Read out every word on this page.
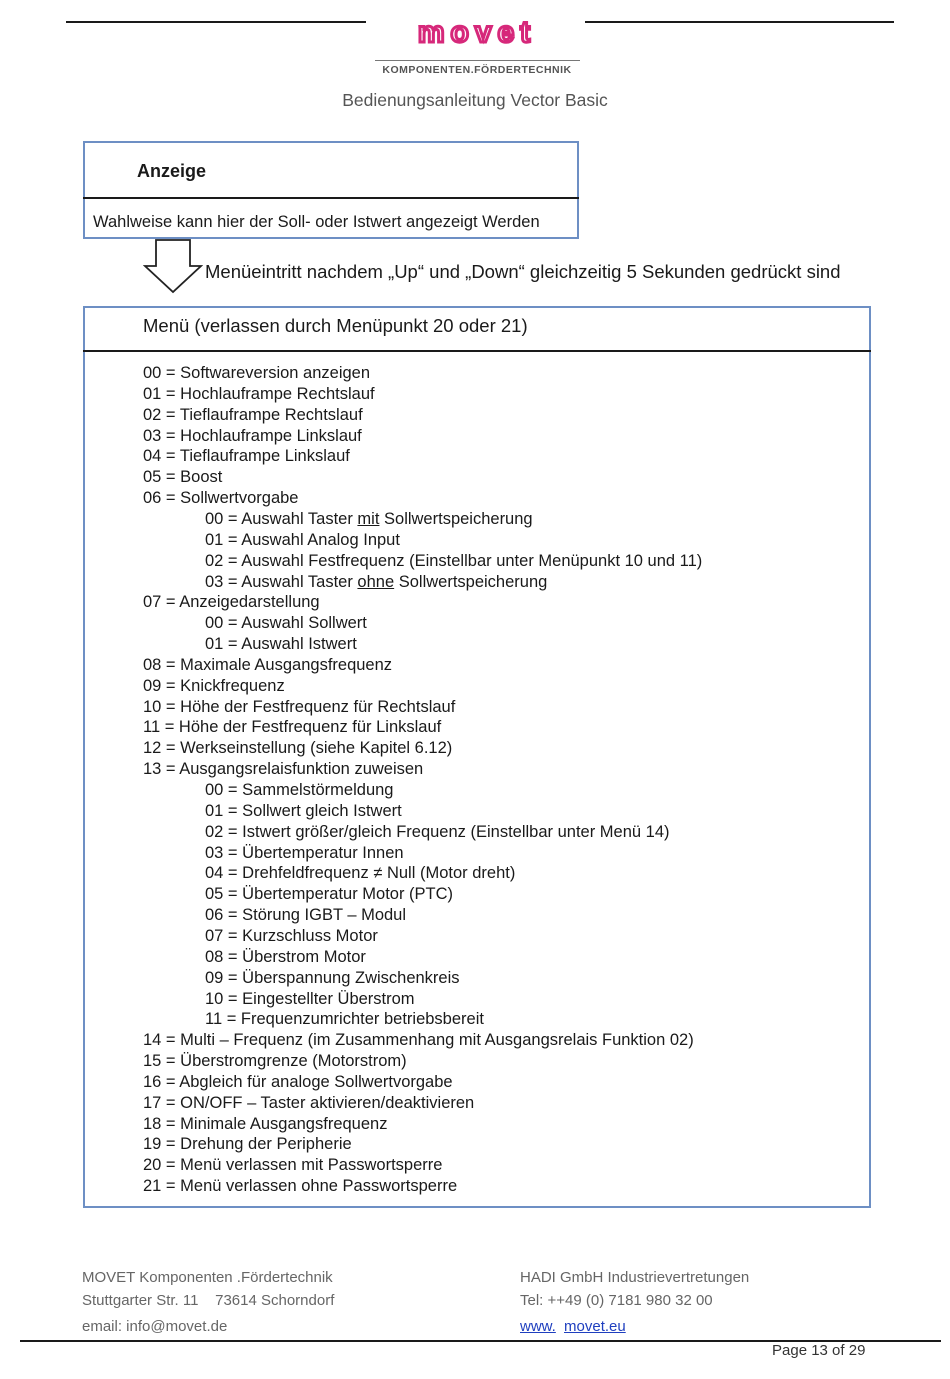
movet
KOMPONENTEN.FÖRDERTECHNIK
Bedienungsanleitung Vector Basic
Anzeige
Wahlweise kann hier der Soll- oder Istwert angezeigt Werden
Menüeintritt nachdem „Up“ und „Down“ gleichzeitig 5 Sekunden gedrückt sind
Menü (verlassen durch Menüpunkt 20 oder 21)
00 = Softwareversion anzeigen
01 = Hochlauframpe Rechtslauf
02 = Tieflauframpe Rechtslauf
03 = Hochlauframpe Linkslauf
04 = Tieflauframpe Linkslauf
05 = Boost
06 = Sollwertvorgabe
00 = Auswahl Taster mit Sollwertspeicherung
01 = Auswahl Analog Input
02 = Auswahl Festfrequenz (Einstellbar unter Menüpunkt 10 und 11)
03 = Auswahl Taster ohne Sollwertspeicherung
07 = Anzeigedarstellung
00 = Auswahl Sollwert
01 = Auswahl Istwert
08 = Maximale Ausgangsfrequenz
09 = Knickfrequenz
10 = Höhe der Festfrequenz für Rechtslauf
11 = Höhe der Festfrequenz für Linkslauf
12 = Werkseinstellung (siehe Kapitel 6.12)
13 = Ausgangsrelaisfunktion zuweisen
00 = Sammelstörmeldung
01 = Sollwert gleich Istwert
02 = Istwert größer/gleich Frequenz (Einstellbar unter Menü 14)
03 = Übertemperatur Innen
04 = Drehfeldfrequenz ≠ Null (Motor dreht)
05 = Übertemperatur Motor (PTC)
06 = Störung IGBT – Modul
07 = Kurzschluss Motor
08 = Überstrom Motor
09 = Überspannung Zwischenkreis
10 = Eingestellter Überstrom
11 = Frequenzumrichter betriebsbereit
14 = Multi – Frequenz (im Zusammenhang mit Ausgangsrelais Funktion 02)
15 = Überstromgrenze (Motorstrom)
16 = Abgleich für analoge Sollwertvorgabe
17 = ON/OFF – Taster aktivieren/deaktivieren
18 = Minimale Ausgangsfrequenz
19 = Drehung der Peripherie
20 = Menü verlassen mit Passwortsperre
21 = Menü verlassen ohne Passwortsperre
MOVET Komponenten .Fördertechnik
Stuttgarter Str. 11    73614 Schorndorf
email: info@movet.de
HADI GmbH Industrievertretungen
Tel: ++49 (0) 7181 980 32 00
www. movet.eu
Page 13 of 29
